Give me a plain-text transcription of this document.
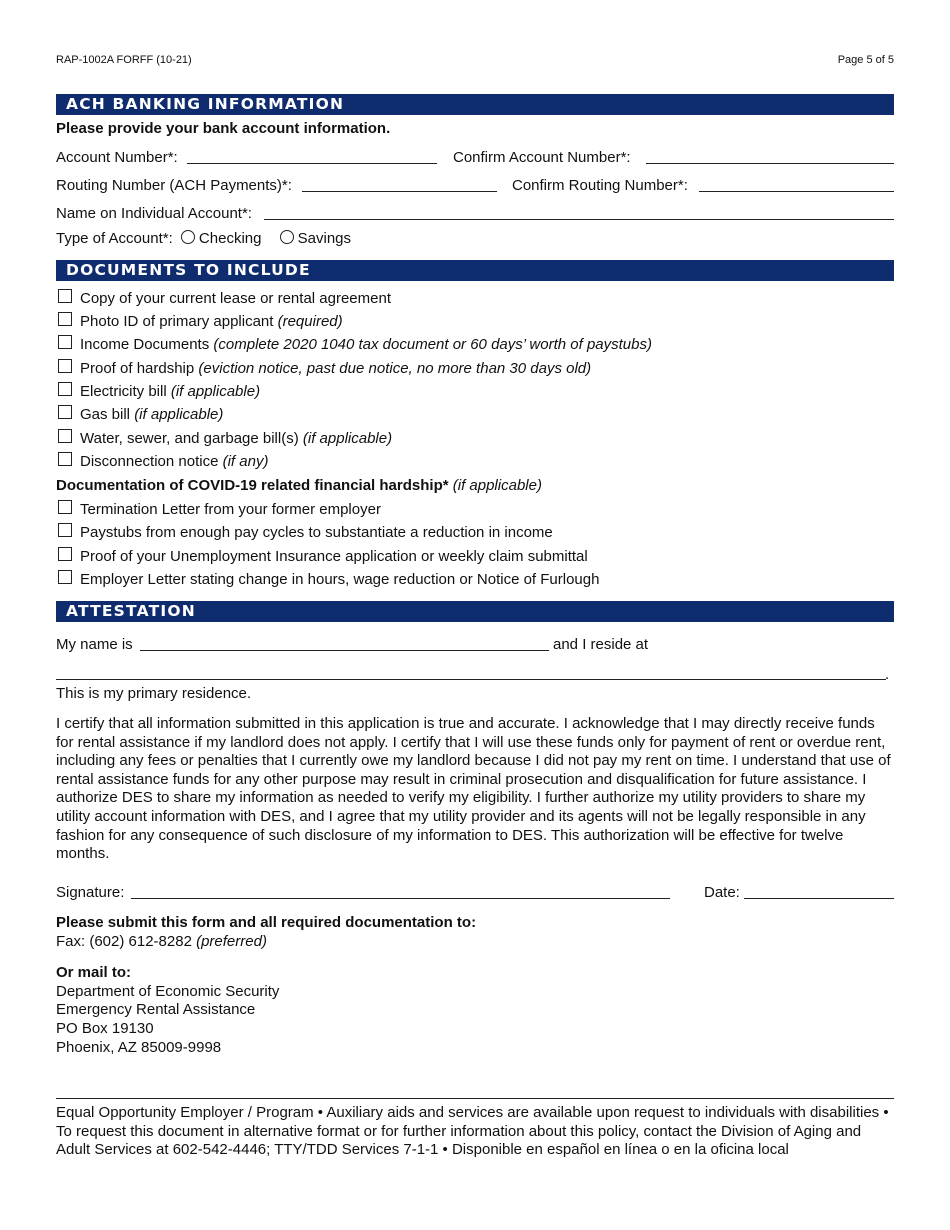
RAP-1002A FORFF (10-21)	Page 5 of 5
ACH BANKING INFORMATION
Please provide your bank account information.
Account Number*:	Confirm Account Number*:
Routing Number (ACH Payments)*:	Confirm Routing Number*:
Name on Individual Account*:
Type of Account*: Checking Savings
DOCUMENTS TO INCLUDE
Copy of your current lease or rental agreement
Photo ID of primary applicant (required)
Income Documents (complete 2020 1040 tax document or 60 days’ worth of paystubs)
Proof of hardship (eviction notice, past due notice, no more than 30 days old)
Electricity bill (if applicable)
Gas bill (if applicable)
Water, sewer, and garbage bill(s) (if applicable)
Disconnection notice (if any)
Documentation of COVID-19 related financial hardship* (if applicable)
Termination Letter from your former employer
Paystubs from enough pay cycles to substantiate a reduction in income
Proof of your Unemployment Insurance application or weekly claim submittal
Employer Letter stating change in hours, wage reduction or Notice of Furlough
ATTESTATION
My name is	and I reside at
.
This is my primary residence.
I certify that all information submitted in this application is true and accurate. I acknowledge that I may directly receive funds for rental assistance if my landlord does not apply. I certify that I will use these funds only for payment of rent or overdue rent, including any fees or penalties that I currently owe my landlord because I did not pay my rent on time. I understand that use of rental assistance funds for any other purpose may result in criminal prosecution and disqualification for future assistance. I authorize DES to share my information as needed to verify my eligibility. I further authorize my utility providers to share my utility account information with DES, and I agree that my utility provider and its agents will not be legally responsible in any fashion for any consequence of such disclosure of my information to DES. This authorization will be effective for twelve months.
Signature:	Date:
Please submit this form and all required documentation to:
Fax: (602) 612-8282 (preferred)
Or mail to:
Department of Economic Security
Emergency Rental Assistance
PO Box 19130
Phoenix, AZ 85009-9998
Equal Opportunity Employer / Program • Auxiliary aids and services are available upon request to individuals with disabilities • To request this document in alternative format or for further information about this policy, contact the Division of Aging and Adult Services at 602-542-4446; TTY/TDD Services 7-1-1 • Disponible en español en línea o en la oficina local
